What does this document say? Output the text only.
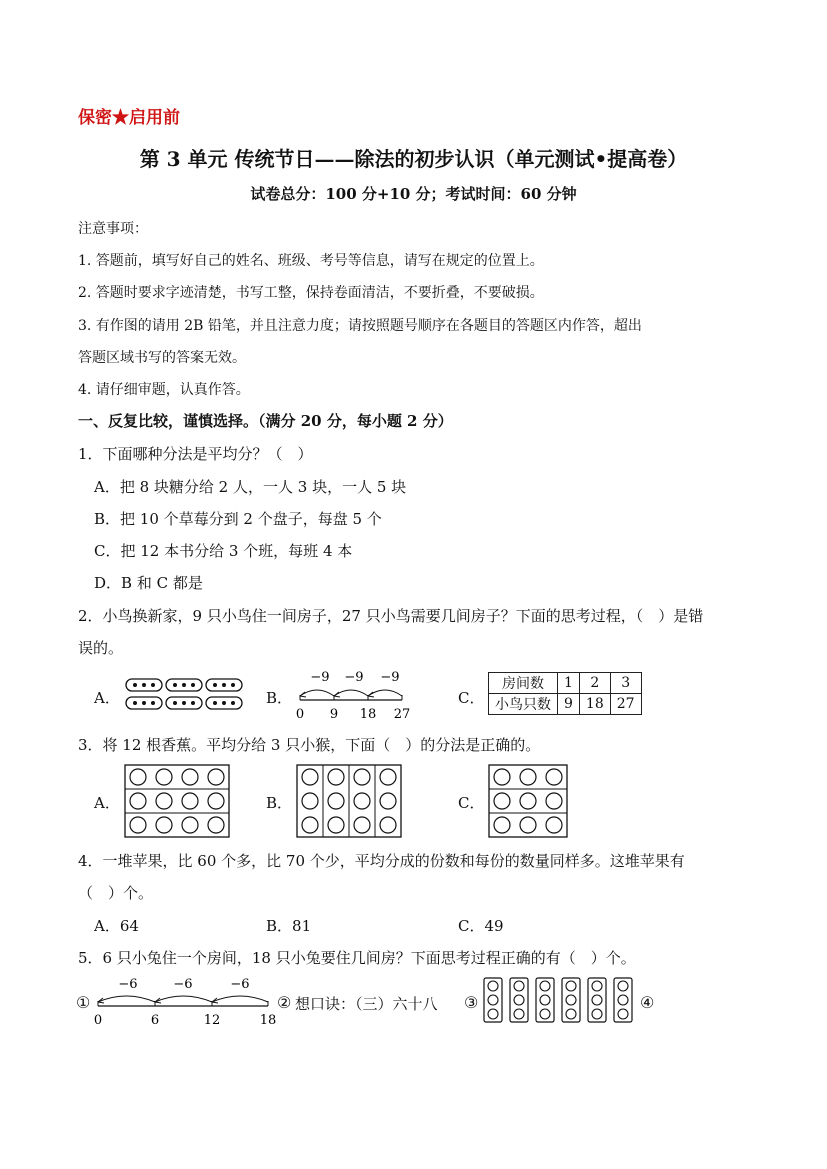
保密★启用前
第 3 单元 传统节日——除法的初步认识（单元测试•提高卷）
试卷总分：100 分+10 分；考试时间：60 分钟
注意事项：
1. 答题前，填写好自己的姓名、班级、考号等信息，请写在规定的位置上。
2. 答题时要求字迹清楚，书写工整，保持卷面清洁，不要折叠，不要破损。
3. 有作图的请用 2B 铅笔，并且注意力度；请按照题号顺序在各题目的答题区内作答，超出
答题区域书写的答案无效。
4. 请仔细审题，认真作答。
一、反复比较，谨慎选择。（满分 20 分，每小题 2 分）
1．下面哪种分法是平均分？（　）
A．把 8 块糖分给 2 人，一人 3 块，一人 5 块
B．把 10 个草莓分到 2 个盘子，每盘 5 个
C．把 12 本书分给 3 个班，每班 4 本
D．B 和 C 都是
2．小鸟换新家，9 只小鸟住一间房子，27 只小鸟需要几间房子？下面的思考过程，（　）是错
误的。
A．	B．
−9
−9
−9
0 9 18 27
C．
房间数	1	2	3
小鸟只数	9	18	27
3．将 12 根香蕉。平均分给 3 只小猴，下面（　）的分法是正确的。
A．	B．	C．
4．一堆苹果，比 60 个多，比 70 个少，平均分成的份数和每份的数量同样多。这堆苹果有
（　）个。
A．64	B．81	C．49
5．6 只小兔住一个房间，18 只小兔要住几间房？下面思考过程正确的有（　）个。
①
−6
−6
−6
0	6	12	18
② 想口诀：（三）六十八 ③	④
